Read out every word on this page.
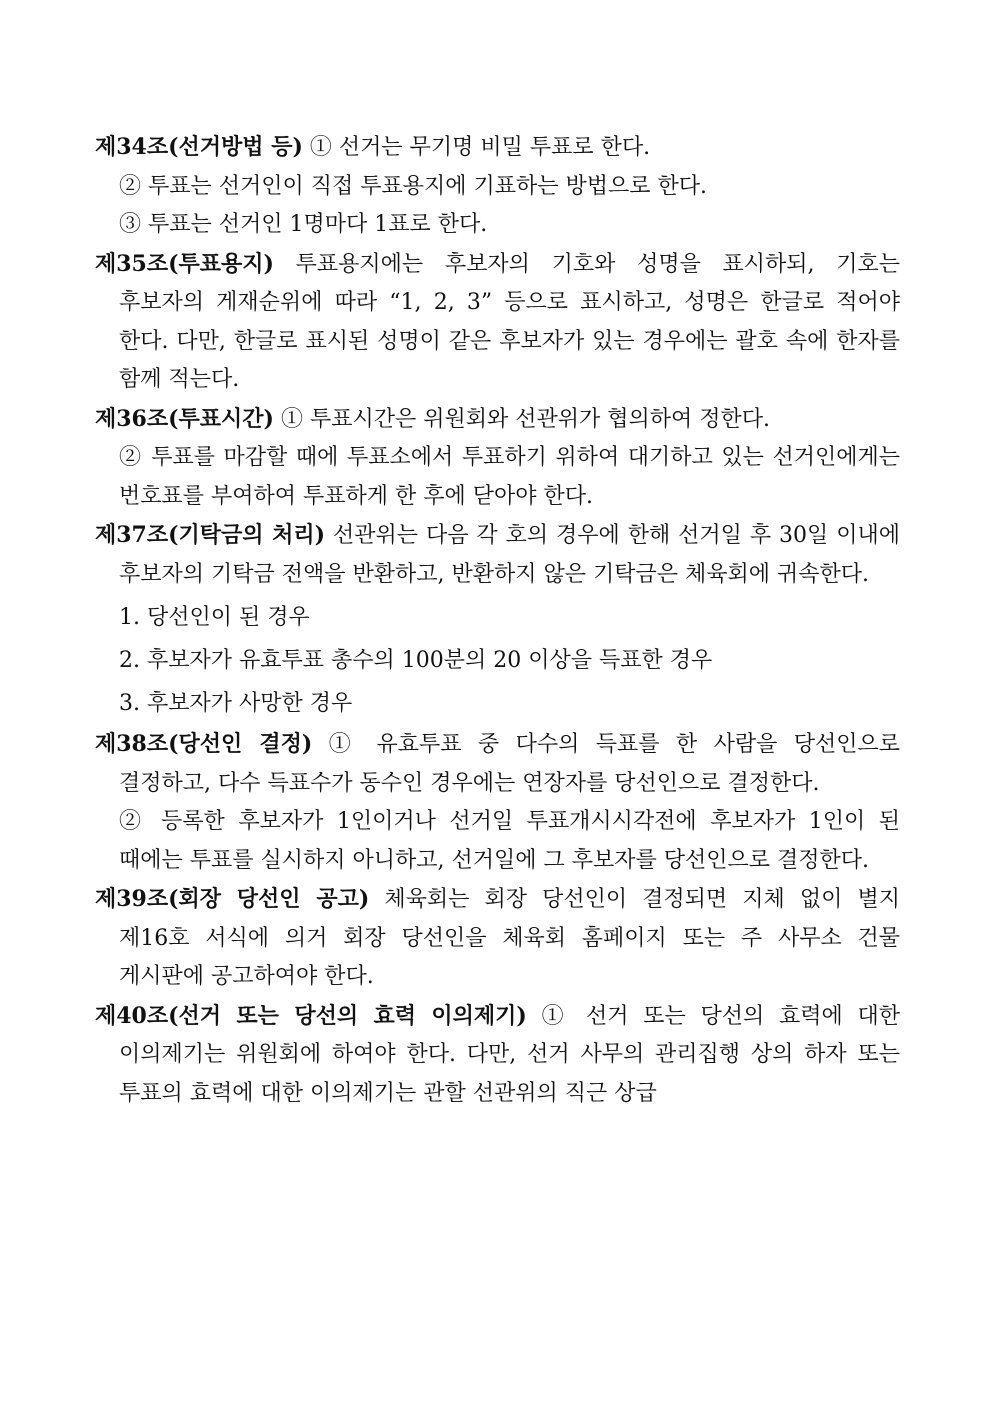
제34조(선거방법 등) ① 선거는 무기명 비밀 투표로 한다.
② 투표는 선거인이 직접 투표용지에 기표하는 방법으로 한다.
③ 투표는 선거인 1명마다 1표로 한다.
제35조(투표용지) 투표용지에는 후보자의 기호와 성명을 표시하되, 기호는 후보자의 게재순위에 따라 “1, 2, 3” 등으로 표시하고, 성명은 한글로 적어야 한다. 다만, 한글로 표시된 성명이 같은 후보자가 있는 경우에는 괄호 속에 한자를 함께 적는다.
제36조(투표시간) ① 투표시간은 위원회와 선관위가 협의하여 정한다.
② 투표를 마감할 때에 투표소에서 투표하기 위하여 대기하고 있는 선거인에게는 번호표를 부여하여 투표하게 한 후에 닫아야 한다.
제37조(기탁금의 처리) 선관위는 다음 각 호의 경우에 한해 선거일 후 30일 이내에 후보자의 기탁금 전액을 반환하고, 반환하지 않은 기탁금은 체육회에 귀속한다.
1. 당선인이 된 경우
2. 후보자가 유효투표 총수의 100분의 20 이상을 득표한 경우
3. 후보자가 사망한 경우
제38조(당선인 결정) ① 유효투표 중 다수의 득표를 한 사람을 당선인으로 결정하고, 다수 득표수가 동수인 경우에는 연장자를 당선인으로 결정한다.
② 등록한 후보자가 1인이거나 선거일 투표개시시각전에 후보자가 1인이 된 때에는 투표를 실시하지 아니하고, 선거일에 그 후보자를 당선인으로 결정한다.
제39조(회장 당선인 공고) 체육회는 회장 당선인이 결정되면 지체 없이 별지 제16호 서식에 의거 회장 당선인을 체육회 홈페이지 또는 주 사무소 건물 게시판에 공고하여야 한다.
제40조(선거 또는 당선의 효력 이의제기) ① 선거 또는 당선의 효력에 대한 이의제기는 위원회에 하여야 한다. 다만, 선거 사무의 관리집행 상의 하자 또는 투표의 효력에 대한 이의제기는 관할 선관위의 직근 상급
